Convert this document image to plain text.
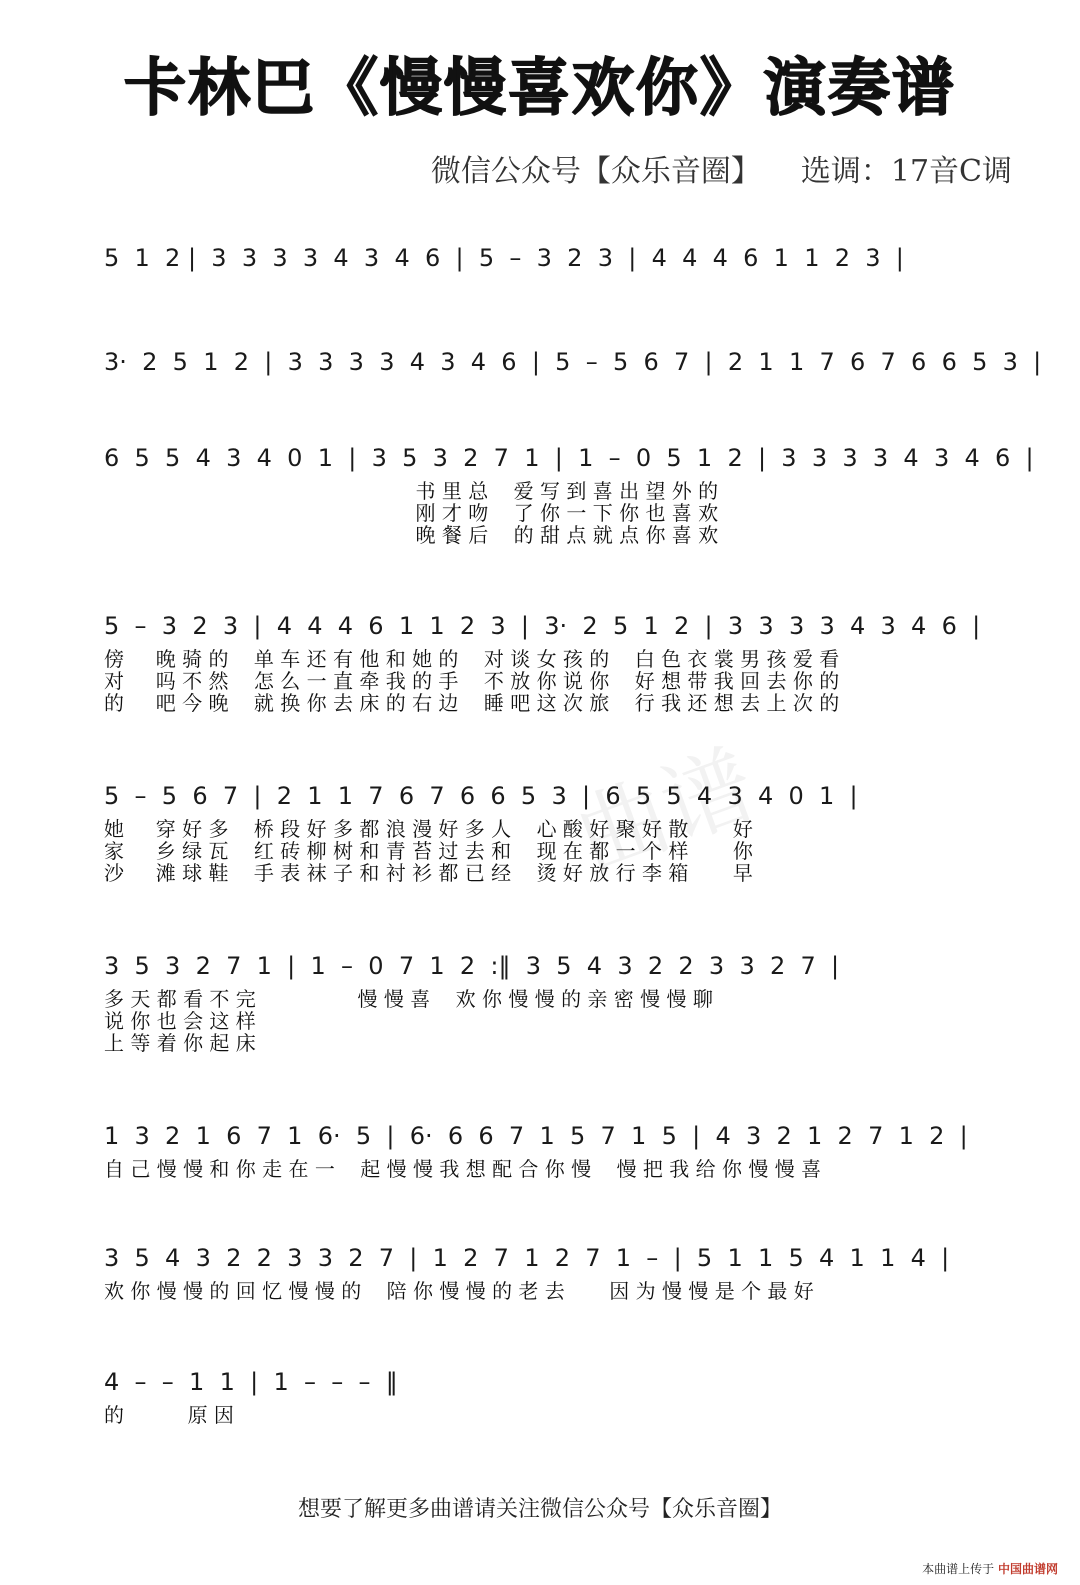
曲谱
卡林巴《慢慢喜欢你》演奏谱
微信公众号【众乐音圈】 选调：17音C调
5  1  2 |  3  3  3  3  4  3  4  6  |  5  –  3  2  3  |  4  4  4  6  1  1  2  3  |
3·  2  5  1  2  |  3  3  3  3  4  3  4  6  |  5  –  5  6  7  |  2  1  1  7  6  7  6  6  5  3  |
6  5  5  4  3  4  0  1  |  3  5  3  2  7  1  |  1  –  0  5  1  2  |  3  3  3  3  4  3  4  6  |
书 里 总    爱 写 到 喜 出 望 外 的
刚 才 吻    了 你 一 下 你 也 喜 欢
晚 餐 后    的 甜 点 就 点 你 喜 欢
5  –  3  2  3  |  4  4  4  6  1  1  2  3  |  3·  2  5  1  2  |  3  3  3  3  4  3  4  6  |
傍     晚 骑 的    单 车 还 有 他 和 她 的    对 谈 女 孩 的    白 色 衣 裳 男 孩 爱 看
对     吗 不 然    怎 么 一 直 牵 我 的 手    不 放 你 说 你    好 想 带 我 回 去 你 的
的     吧 今 晚    就 换 你 去 床 的 右 边    睡 吧 这 次 旅    行 我 还 想 去 上 次 的
5  –  5  6  7  |  2  1  1  7  6  7  6  6  5  3  |  6  5  5  4  3  4  0  1  |
她     穿 好 多    桥 段 好 多 都 浪 漫 好 多 人    心 酸 好 聚 好 散       好
家     乡 绿 瓦    红 砖 柳 树 和 青 苔 过 去 和    现 在 都 一 个 样       你
沙     滩 球 鞋    手 表 袜 子 和 衬 衫 都 已 经    烫 好 放 行 李 箱       早
3  5  3  2  7  1  |  1  –  0  7  1  2  :‖  3  5  4  3  2  2  3  3  2  7  |
多 天 都 看 不 完                慢 慢 喜    欢 你 慢 慢 的 亲 密 慢 慢 聊
说 你 也 会 这 样
上 等 着 你 起 床
1  3  2  1  6  7  1  6·  5  |  6·  6  6  7  1  5  7  1  5  |  4  3  2  1  2  7  1  2  |
自 己 慢 慢 和 你 走 在 一    起 慢 慢 我 想 配 合 你 慢    慢 把 我 给 你 慢 慢 喜
3  5  4  3  2  2  3  3  2  7  |  1  2  7  1  2  7  1  –  |  5  1  1  5  4  1  1  4  |
欢 你 慢 慢 的 回 忆 慢 慢 的    陪 你 慢 慢 的 老 去       因 为 慢 慢 是 个 最 好
4  –  –  1  1  |  1  –  –  –  ‖
的          原 因
想要了解更多曲谱请关注微信公众号【众乐音圈】
本曲谱上传于 中国曲谱网
